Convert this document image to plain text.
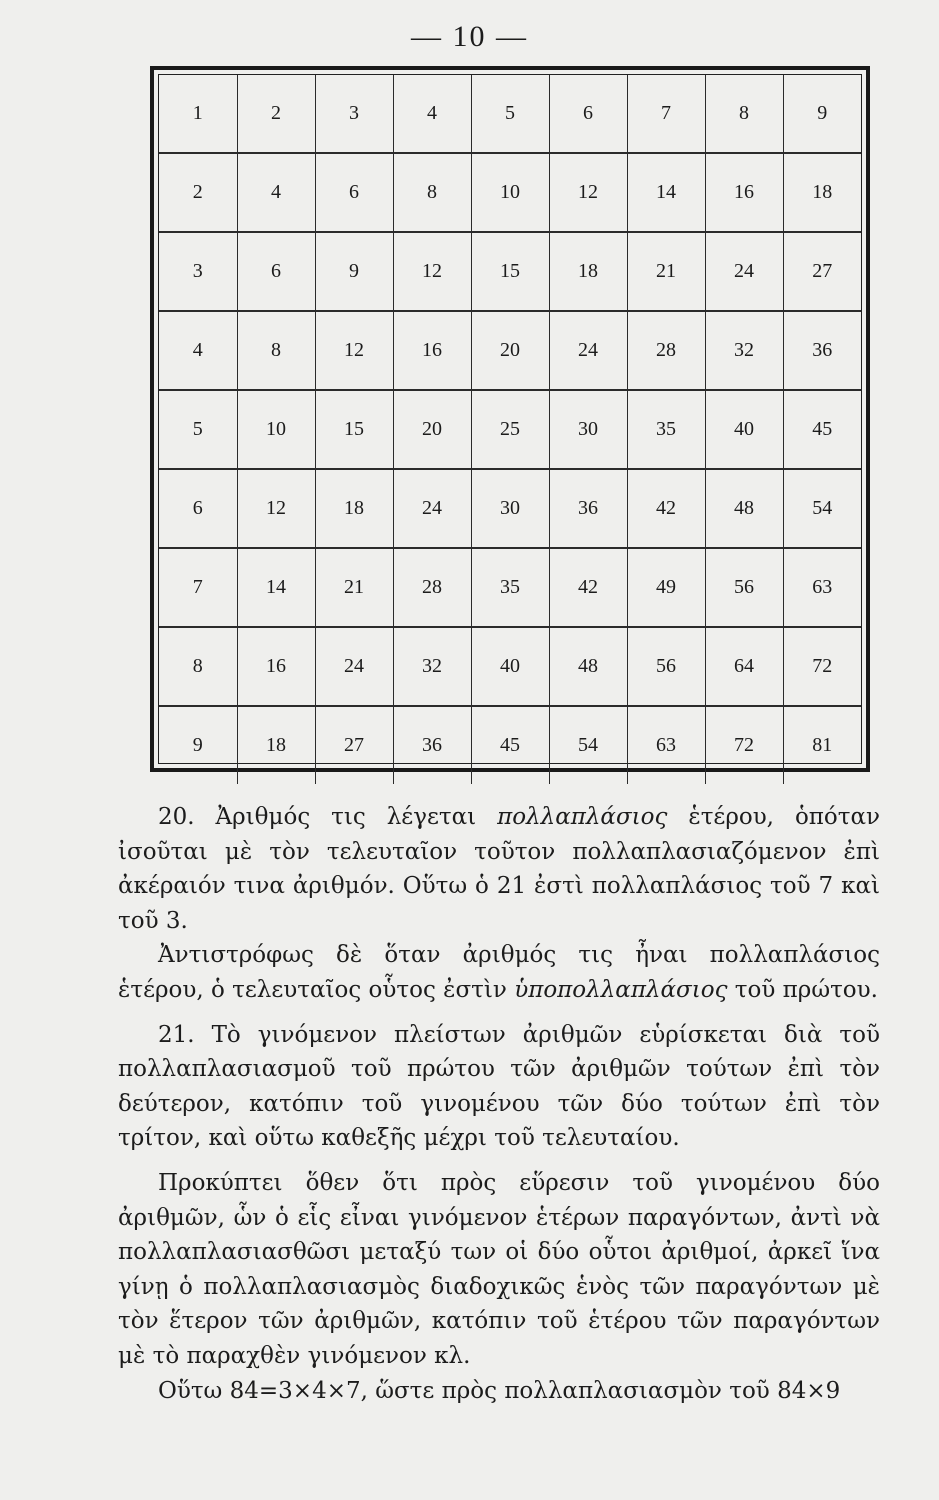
— 10 —
1	2	3	4	5	6	7	8	9
2	4	6	8	10	12	14	16	18
3	6	9	12	15	18	21	24	27
4	8	12	16	20	24	28	32	36
5	10	15	20	25	30	35	40	45
6	12	18	24	30	36	42	48	54
7	14	21	28	35	42	49	56	63
8	16	24	32	40	48	56	64	72
9	18	27	36	45	54	63	72	81

20. Ἀριθμός τις λέγεται πολλαπλάσιος ἑτέρου, ὁπόταν ἰσοῦται μὲ τὸν τελευταῖον τοῦτον πολλαπλασιαζόμενον ἐπὶ ἀκέραιόν τινα ἀριθμόν. Οὕτω ὁ 21 ἐστὶ πολλαπλάσιος τοῦ 7 καὶ τοῦ 3.

Ἀντιστρόφως δὲ ὅταν ἀριθμός τις ἦναι πολλαπλάσιος ἑτέρου, ὁ τελευταῖος οὗτος ἐστὶν ὑποπολλαπλάσιος τοῦ πρώτου.

21. Τὸ γινόμενον πλείστων ἀριθμῶν εὑρίσκεται διὰ τοῦ πολλαπλασιασμοῦ τοῦ πρώτου τῶν ἀριθμῶν τούτων ἐπὶ τὸν δεύτερον, κατόπιν τοῦ γινομένου τῶν δύο τούτων ἐπὶ τὸν τρίτον, καὶ οὕτω καθεξῆς μέχρι τοῦ τελευταίου.

Προκύπτει ὅθεν ὅτι πρὸς εὕρεσιν τοῦ γινομένου δύο ἀριθμῶν, ὧν ὁ εἷς εἶναι γινόμενον ἑτέρων παραγόντων, ἀντὶ νὰ πολλαπλασιασθῶσι μεταξύ των οἱ δύο οὗτοι ἀριθμοί, ἀρκεῖ ἵνα γίνῃ ὁ πολλαπλασιασμὸς διαδοχικῶς ἑνὸς τῶν παραγόντων μὲ τὸν ἕτερον τῶν ἀριθμῶν, κατόπιν τοῦ ἑτέρου τῶν παραγόντων μὲ τὸ παραχθὲν γινόμενον κλ.

Οὕτω 84=3×4×7, ὥστε πρὸς πολλαπλασιασμὸν τοῦ 84×9
